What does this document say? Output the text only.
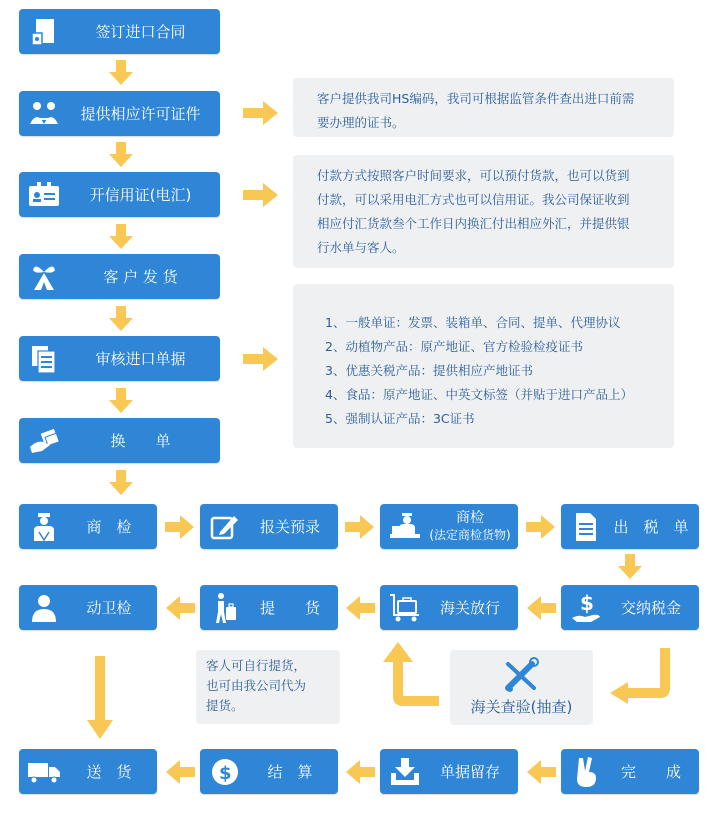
签订进口合同
提供相应许可证件
开信用证(电汇)
客 户 发 货
审核进口单据
换　　单

客户提供我司HS编码，我司可根据监管条件查出进口前需

要办理的证书。

付款方式按照客户时间要求，可以预付货款，也可以货到

付款，可以采用电汇方式也可以信用证。我公司保证收到

相应付汇货款叁个工作日内换汇付出相应外汇，并提供银

行水单与客人。

1、一般单证：发票、装箱单、合同、提单、代理协议

2、动植物产品：原产地证、官方检验检疫证书

3、优惠关税产品：提供相应产地证书

4、食品：原产地证、中英文标签（并贴于进口产品上）

5、强制认证产品：3C证书

商　检	报关预录	商检
(法定商检货物)	出　税　单
动卫检	提　　货	海关放行	$	交纳税金

客人可自行提货，

也可由我公司代为

提货。	海关查验(抽查)
送　货	$	结　算	单据留存	完　　成
